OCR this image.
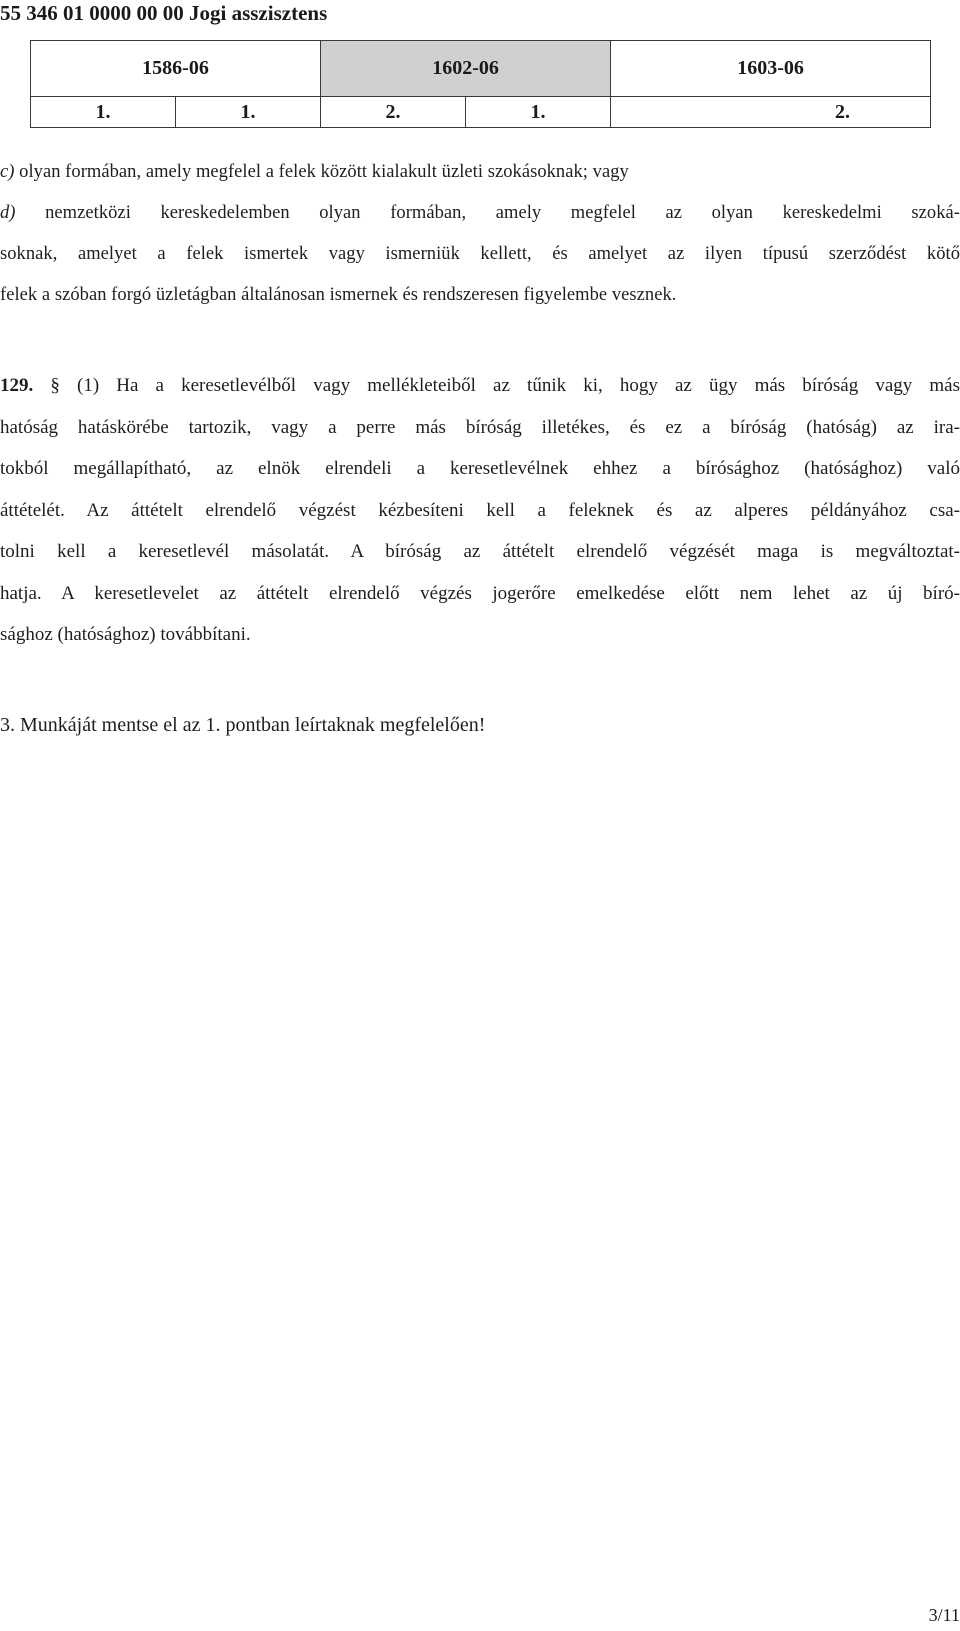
55 346 01 0000 00 00 Jogi asszisztens
1586-06		1602-06		1603-06
1.	1.	2.	1.	2.
c) olyan formában, amely megfelel a felek között kialakult üzleti szokásoknak; vagy
d) nemzetközi kereskedelemben olyan formában, amely megfelel az olyan kereskedelmi szoká-
soknak, amelyet a felek ismertek vagy ismerniük kellett, és amelyet az ilyen típusú szerződést kötő
felek a szóban forgó üzletágban általánosan ismernek és rendszeresen figyelembe vesznek.
129. § (1) Ha a keresetlevélből vagy mellékleteiből az tűnik ki, hogy az ügy más bíróság vagy más
hatóság hatáskörébe tartozik, vagy a perre más bíróság illetékes, és ez a bíróság (hatóság) az ira-
tokból megállapítható, az elnök elrendeli a keresetlevélnek ehhez a bírósághoz (hatósághoz) való
áttételét. Az áttételt elrendelő végzést kézbesíteni kell a feleknek és az alperes példányához csa-
tolni kell a keresetlevél másolatát. A bíróság az áttételt elrendelő végzését maga is megváltoztat-
hatja. A keresetlevelet az áttételt elrendelő végzés jogerőre emelkedése előtt nem lehet az új bíró-
sághoz (hatósághoz) továbbítani.
3. Munkáját mentse el az 1. pontban leírtaknak megfelelően!
3/11
